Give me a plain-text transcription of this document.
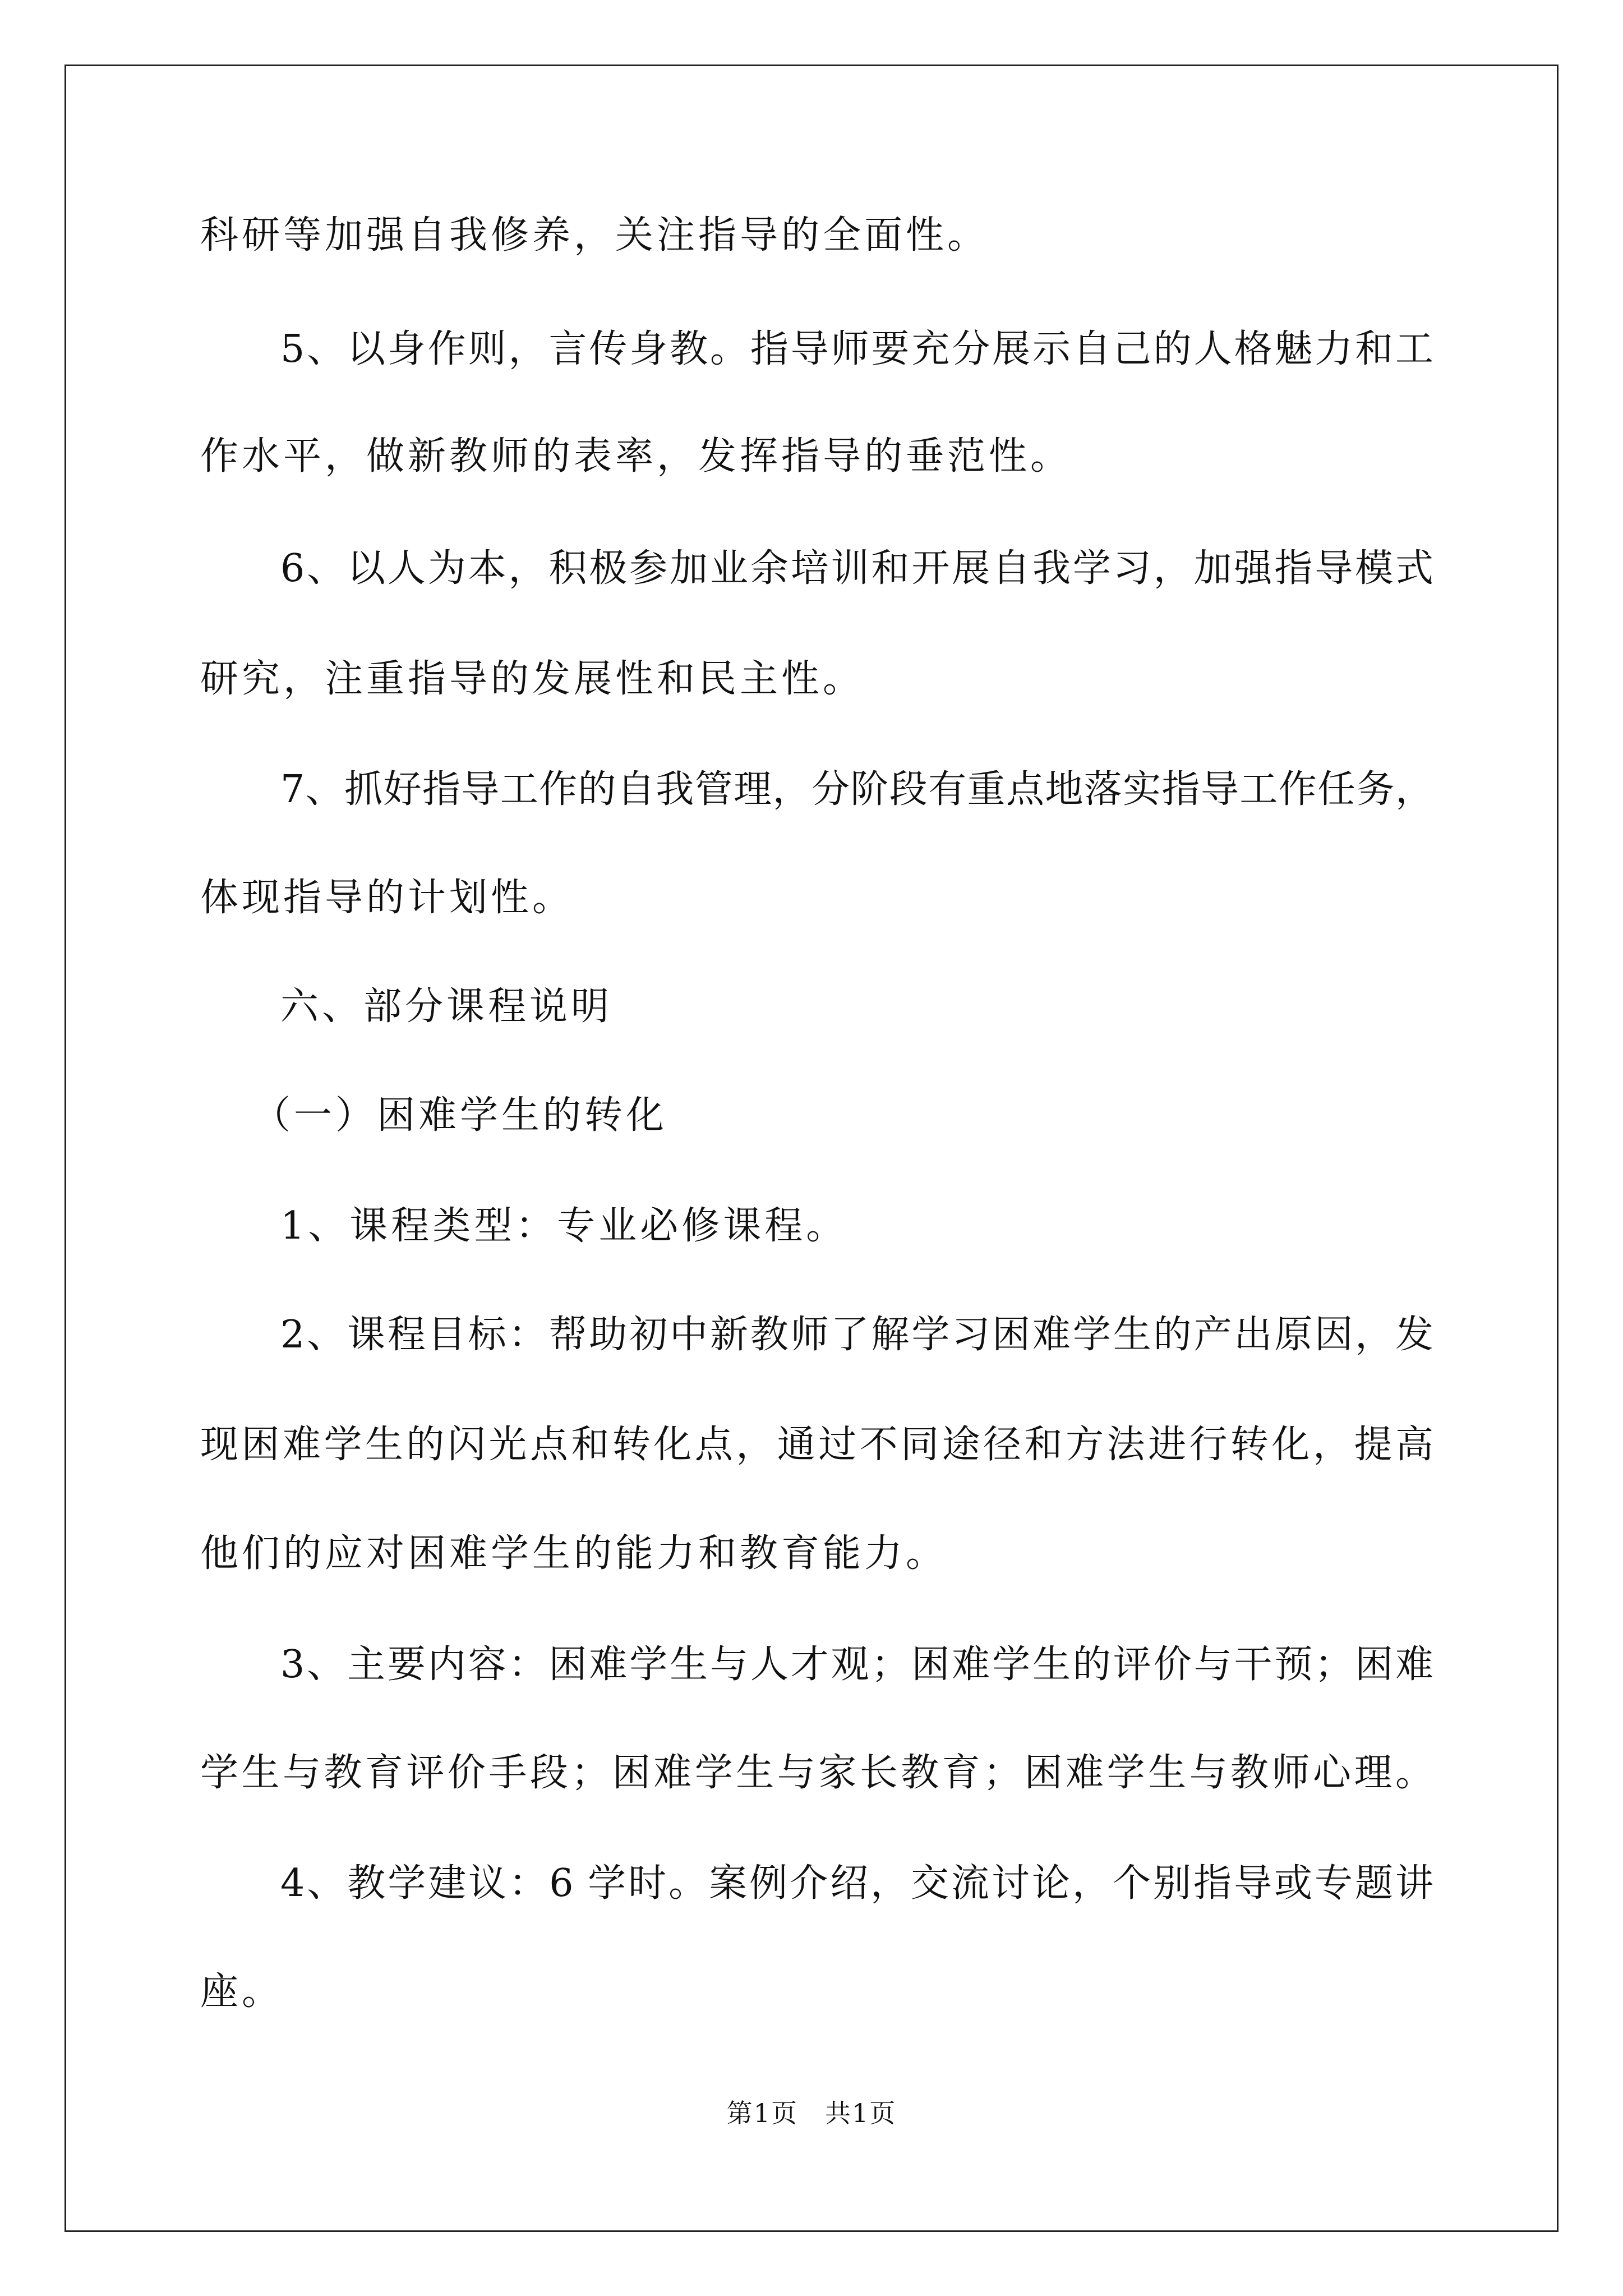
科研等加强自我修养，关注指导的全面性。
5、以身作则，言传身教。指导师要充分展示自己的人格魅力和工
作水平，做新教师的表率，发挥指导的垂范性。
6、以人为本，积极参加业余培训和开展自我学习，加强指导模式
研究，注重指导的发展性和民主性。
7、抓好指导工作的自我管理，分阶段有重点地落实指导工作任务，
体现指导的计划性。
六、部分课程说明
（一）困难学生的转化
1、课程类型：专业必修课程。
2、课程目标：帮助初中新教师了解学习困难学生的产出原因，发
现困难学生的闪光点和转化点，通过不同途径和方法进行转化，提高
他们的应对困难学生的能力和教育能力。
3、主要内容：困难学生与人才观；困难学生的评价与干预；困难
学生与教育评价手段；困难学生与家长教育；困难学生与教师心理。
4、教学建议：6 学时。案例介绍，交流讨论，个别指导或专题讲
座。
第1页　共1页
